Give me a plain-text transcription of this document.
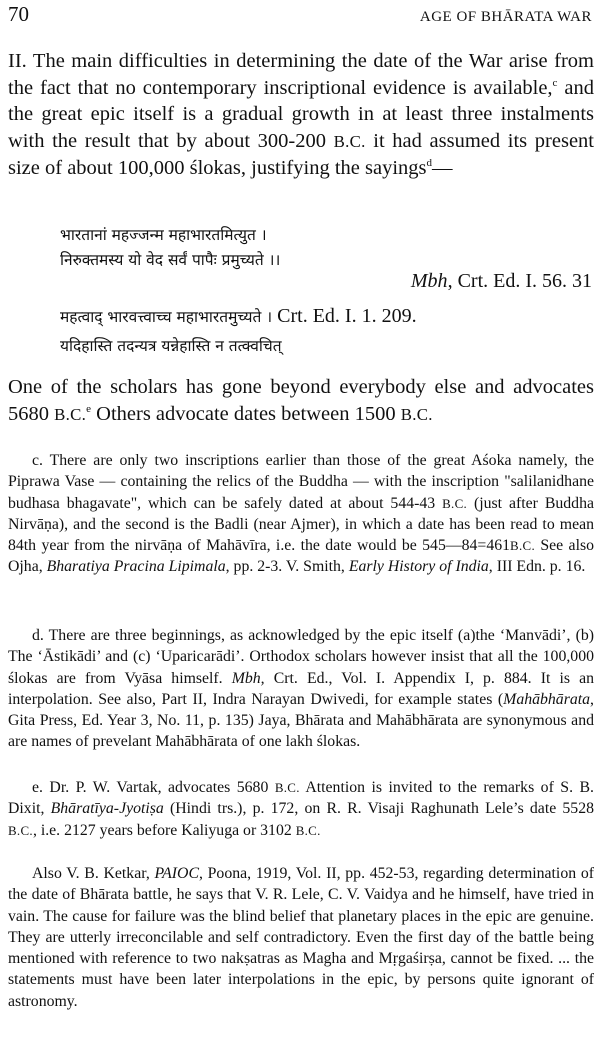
70	AGE OF BHĀRATA WAR

II. The main difficulties in determining the date of the War arise from the fact that no contemporary inscriptional evidence is available,$^c$ and the great epic itself is a gradual growth in at least three instalments with the result that by about 300-200 B.C. it had assumed its present size of about 100,000 ślokas, justifying the sayings$^d$—

भारतानां महज्जन्म महाभारतमित्युत ।
निरुक्तमस्य यो वेद सर्वं पापैः प्रमुच्यते ।।
Mbh, Crt. Ed. I. 56. 31
महत्वाद् भारवत्त्वाच्च महाभारतमुच्यते । Crt. Ed. I. 1. 209.
यदिहास्ति तदन्यत्र यन्नेहास्ति न तत्क्वचित्

One of the scholars has gone beyond everybody else and advocates 5680 B.C.$^e$ Others advocate dates between 1500 B.C.

c. There are only two inscriptions earlier than those of the great Aśoka namely, the Piprawa Vase — containing the relics of the Buddha — with the inscription "salilanidhane budhasa bhagavate", which can be safely dated at about 544-43 B.C. (just after Buddha Nirvāṇa), and the second is the Badli (near Ajmer), in which a date has been read to mean 84th year from the nirvāṇa of Mahāvīra, i.e. the date would be 545—84=461B.C. See also Ojha, Bharatiya Pracina Lipimala, pp. 2-3. V. Smith, Early History of India, III Edn. p. 16.

d. There are three beginnings, as acknowledged by the epic itself (a)the ‘Manvādi’, (b) The ‘Āstikādi’ and (c) ‘Uparicarādi’. Orthodox scholars however insist that all the 100,000 ślokas are from Vyāsa himself. Mbh, Crt. Ed., Vol. I. Appendix I, p. 884. It is an interpolation. See also, Part II, Indra Narayan Dwivedi, for example states (Mahābhārata, Gita Press, Ed. Year 3, No. 11, p. 135) Jaya, Bhārata and Mahābhārata are synonymous and are names of prevelant Mahābhārata of one lakh ślokas.

e. Dr. P. W. Vartak, advocates 5680 B.C. Attention is invited to the remarks of S. B. Dixit, Bhāratīya-Jyotiṣa (Hindi trs.), p. 172, on R. R. Visaji Raghunath Lele’s date 5528 B.C., i.e. 2127 years before Kaliyuga or 3102 B.C.

Also V. B. Ketkar, PAIOC, Poona, 1919, Vol. II, pp. 452-53, regarding determination of the date of Bhārata battle, he says that V. R. Lele, C. V. Vaidya and he himself, have tried in vain. The cause for failure was the blind belief that planetary places in the epic are genuine. They are utterly irreconcilable and self contradictory. Even the first day of the battle being mentioned with reference to two nakṣatras as Magha and Mṛgaśirṣa, cannot be fixed. ... the statements must have been later interpolations in the epic, by persons quite ignorant of astronomy.
